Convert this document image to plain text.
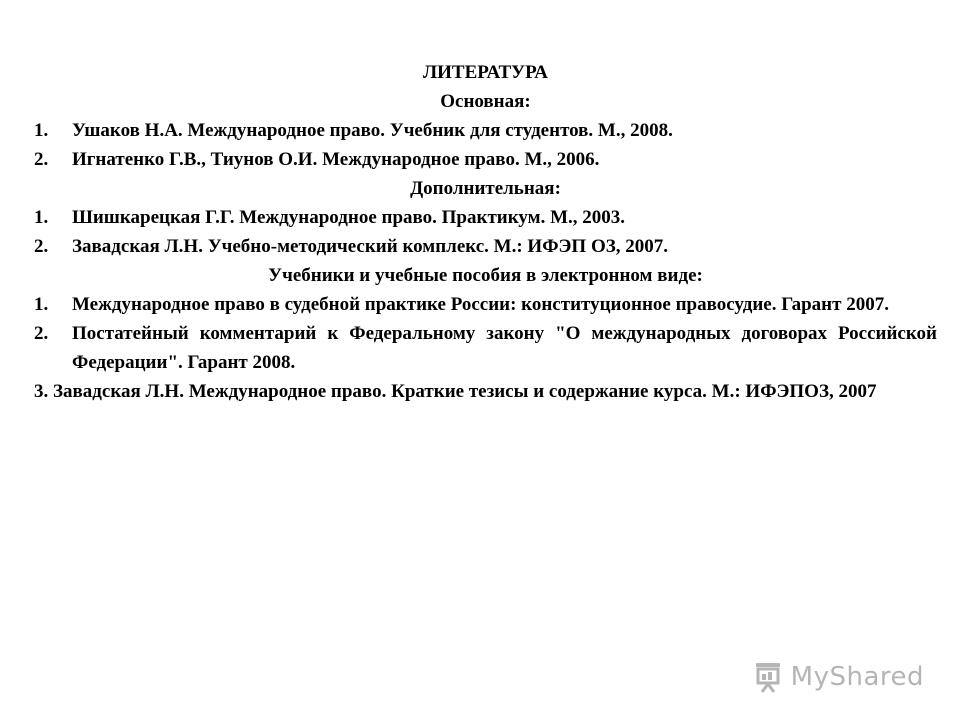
ЛИТЕРАТУРА
Основная:
1. Ушаков Н.А. Международное право. Учебник для студентов. М., 2008.
2. Игнатенко Г.В., Тиунов О.И. Международное право. М., 2006.
Дополнительная:
1. Шишкарецкая Г.Г. Международное право. Практикум. М., 2003.
2. Завадская Л.Н. Учебно-методический комплекс. М.: ИФЭП ОЗ, 2007.
Учебники и учебные пособия в электронном виде:
1. Международное право в судебной практике России: конституционное правосудие. Гарант 2007.
2. Постатейный комментарий к Федеральному закону "О международных договорах Российской Федерации". Гарант 2008.
3. Завадская Л.Н. Международное право. Краткие тезисы и содержание курса. М.: ИФЭПОЗ, 2007
MyShared
